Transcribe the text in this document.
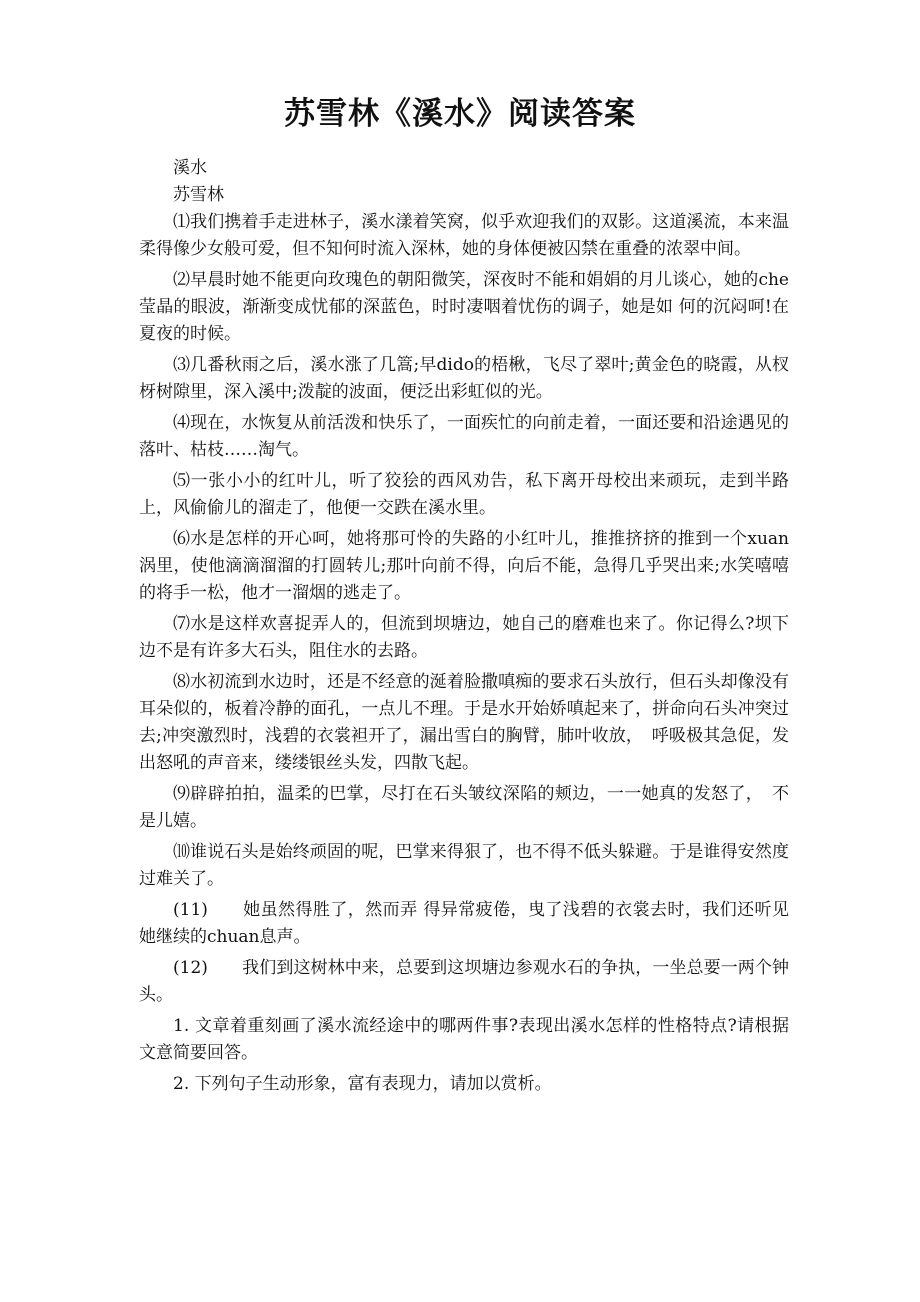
苏雪林《溪水》阅读答案

溪水

苏雪林

⑴我们携着手走进林子，溪水漾着笑窝，似乎欢迎我们的双影。这道溪流，本来温柔得像少女般可爱，但不知何时流入深林，她的身体便被囚禁在重叠的浓翠中间。

⑵早晨时她不能更向玫瑰色的朝阳微笑，深夜时不能和娟娟的月儿谈心，她的che莹晶的眼波，渐渐变成忧郁的深蓝色，时时凄咽着忧伤的调子，她是如 何的沉闷呵!在夏夜的时候。

⑶几番秋雨之后，溪水涨了几篙;早dido的梧楸，飞尽了翠叶;黄金色的晓霞，从杈枒树隙里，深入溪中;泼靛的波面，便泛出彩虹似的光。

⑷现在，水恢复从前活泼和快乐了，一面疾忙的向前走着，一面还要和沿途遇见的落叶、枯枝……淘气。

⑸一张小小的红叶儿，听了狡狯的西风劝告，私下离开母校出来顽玩，走到半路上，风偷偷儿的溜走了，他便一交跌在溪水里。

⑹水是怎样的开心呵，她将那可怜的失路的小红叶儿，推推挤挤的推到一个xuan涡里，使他滴滴溜溜的打圆转儿;那叶向前不得，向后不能，急得几乎哭出来;水笑嘻嘻的将手一松，他才一溜烟的逃走了。

⑺水是这样欢喜捉弄人的，但流到坝塘边，她自己的磨难也来了。你记得么?坝下边不是有许多大石头，阻住水的去路。

⑻水初流到水边时，还是不经意的涎着脸撒嗔痴的要求石头放行，但石头却像没有耳朵似的，板着冷静的面孔，一点儿不理。于是水开始娇嗔起来了，拼命向石头冲突过去;冲突激烈时，浅碧的衣裳袒开了，漏出雪白的胸臂，肺叶收放，　呼吸极其急促，发出怒吼的声音来，缕缕银丝头发，四散飞起。

⑼辟辟拍拍，温柔的巴掌，尽打在石头皱纹深陷的颊边，一一她真的发怒了，　不是儿嬉。

⑽谁说石头是始终顽固的呢，巴掌来得狠了，也不得不低头躲避。于是谁得安然度过难关了。

(11)　　她虽然得胜了，然而弄 得异常疲倦，曳了浅碧的衣裳去时，我们还听见 她继续的chuan息声。

(12)　　我们到这树林中来，总要到这坝塘边参观水石的争执，一坐总要一两个钟 头。

1. 文章着重刻画了溪水流经途中的哪两件事?表现出溪水怎样的性格特点?请根据文意简要回答。

2. 下列句子生动形象，富有表现力，请加以赏析。
